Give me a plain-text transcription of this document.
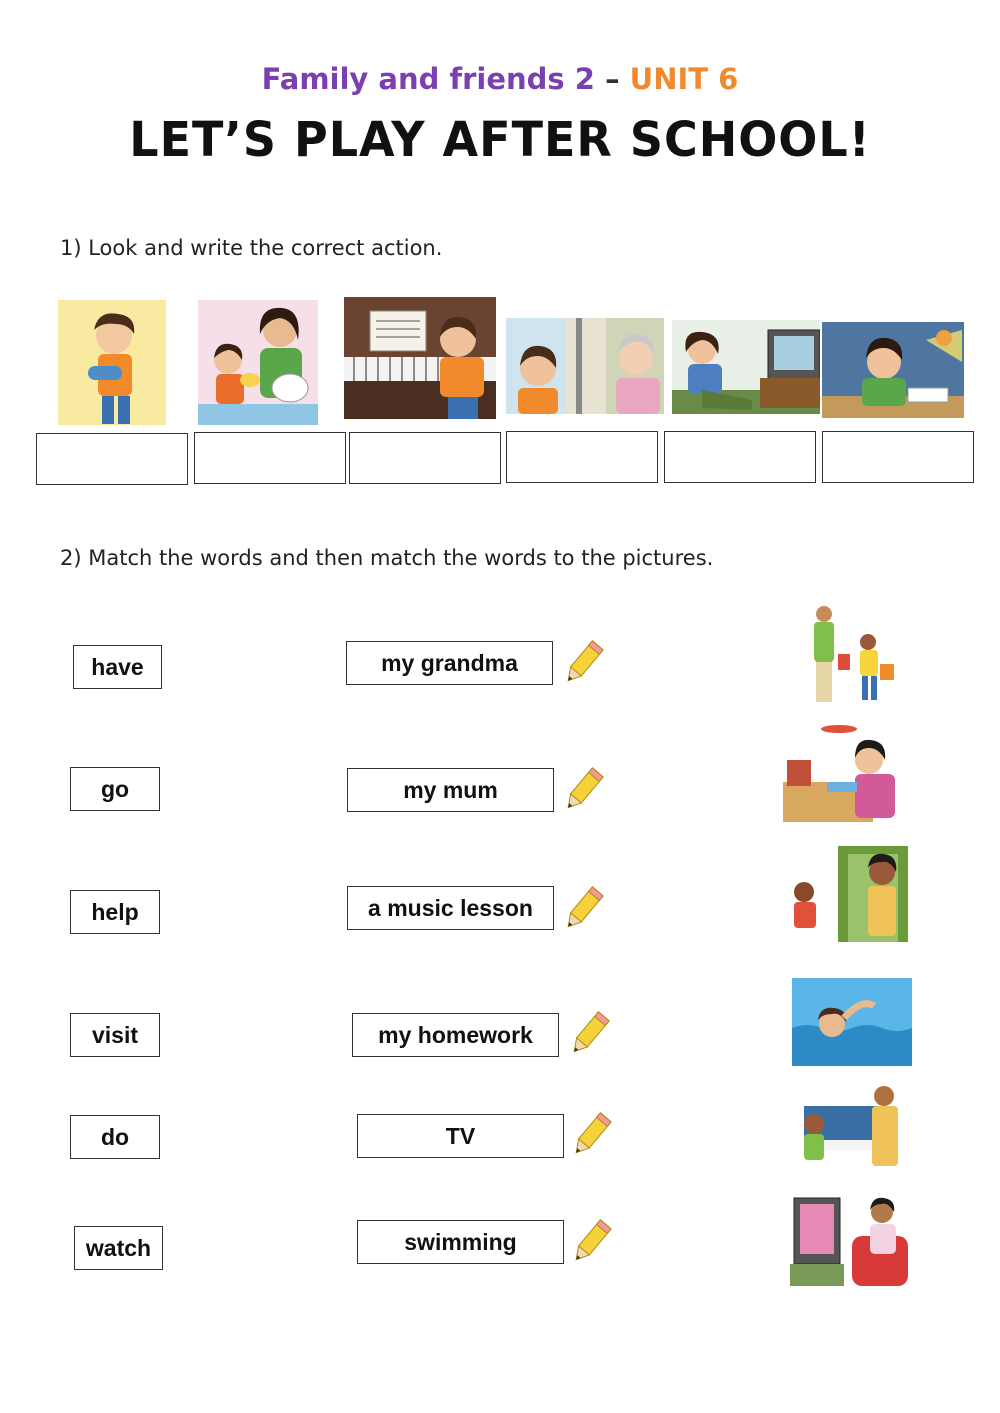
Family and friends 2 – UNIT 6
LET’S PLAY AFTER SCHOOL!
1) Look and write the correct action.
2) Match the words and then match the words to the pictures.
have
go
help
visit
do
watch
my grandma
my mum
a music lesson
my homework
TV
swimming
